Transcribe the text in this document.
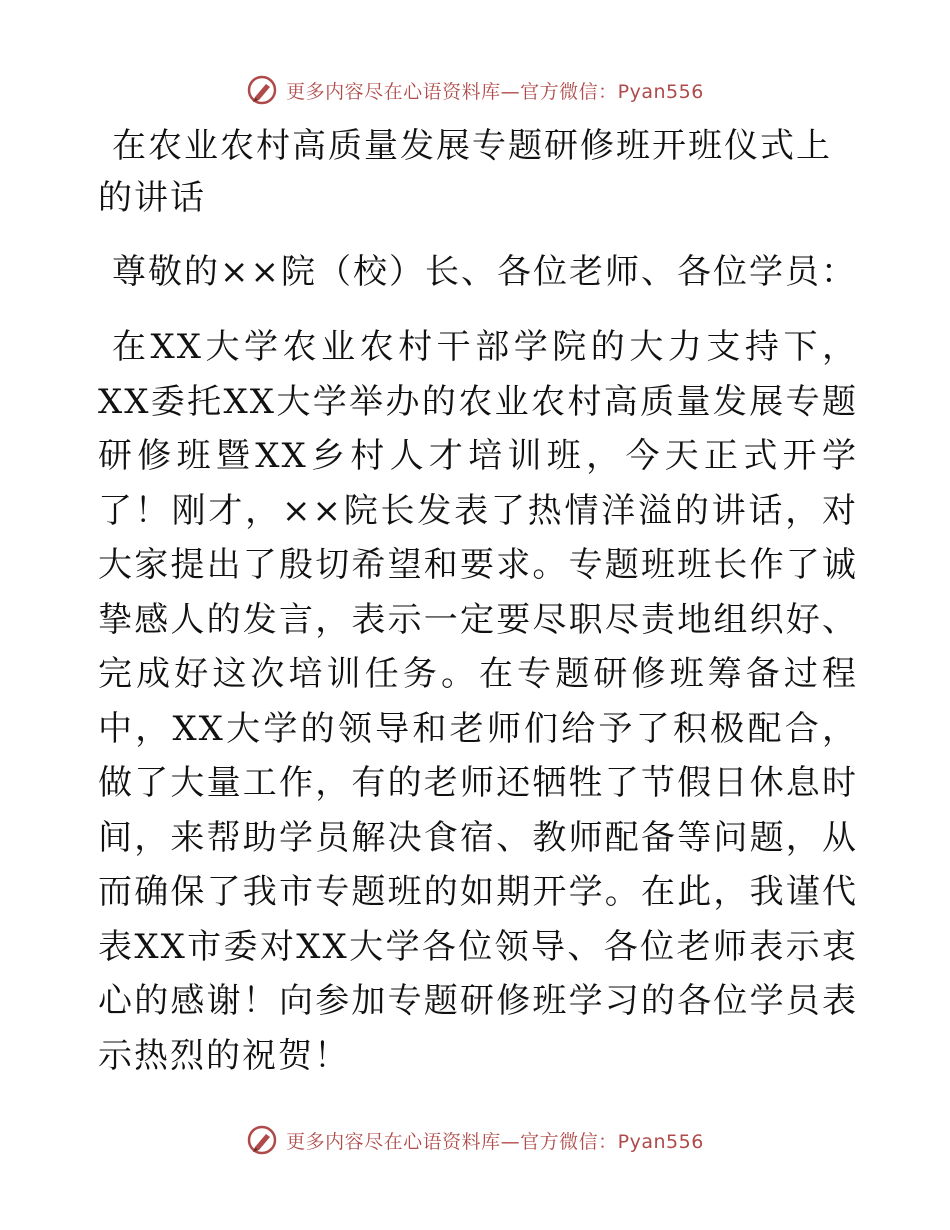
更多内容尽在心语资料库—官方微信：Pyan556
在农业农村高质量发展专题研修班开班仪式上的讲话

尊敬的××院（校）长、各位老师、各位学员：

在XX大学农业农村干部学院的大力支持下，XX委托XX大学举办的农业农村高质量发展专题研修班暨XX乡村人才培训班，今天正式开学了！刚才，××院长发表了热情洋溢的讲话，对大家提出了殷切希望和要求。专题班班长作了诚挚感人的发言，表示一定要尽职尽责地组织好、完成好这次培训任务。在专题研修班筹备过程中，XX大学的领导和老师们给予了积极配合，做了大量工作，有的老师还牺牲了节假日休息时间，来帮助学员解决食宿、教师配备等问题，从而确保了我市专题班的如期开学。在此，我谨代表XX市委对XX大学各位领导、各位老师表示衷心的感谢！向参加专题研修班学习的各位学员表示热烈的祝贺！

更多内容尽在心语资料库—官方微信：Pyan556
